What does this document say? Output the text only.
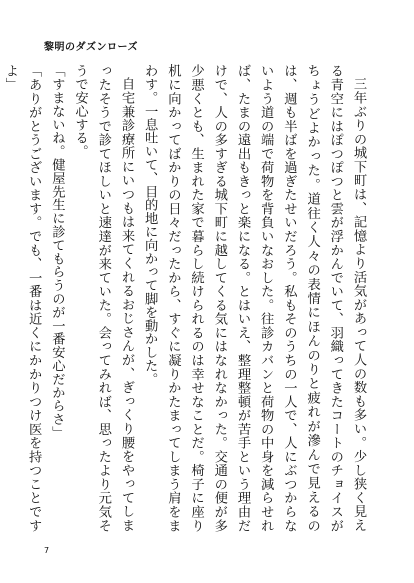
黎明のダズンローズ

三年ぶりの城下町は、記憶より活気があって人の数も多い。少し狭く見える青空にはぽつぽつと雲が浮かんでいて、羽織ってきたコートのチョイスがちょうどよかった。道往く人々の表情にほんのりと疲れが滲んで見えるのは、週も半ばを過ぎたせいだろう。私もそのうちの一人で、人にぶつからないよう道の端で荷物を背負いなおした。往診カバンと荷物の中身を減らせれば、たまの遠出もきっと楽になる。とはいえ、整理整頓が苦手という理由だけで、人の多すぎる城下町に越してくる気にはなれなかった。交通の便が多少悪くとも、生まれた家で暮らし続けられるのは幸せなことだ。椅子に座り机に向かってばかりの日々だったから、すぐに凝りかたまってしまう肩をまわす。一息吐いて、目的地に向かって脚を動かした。

自宅兼診療所にいつもは来てくれるおじさんが、ぎっくり腰をやってしまったそうで診てほしいと速達が来ていた。会ってみれば、思ったより元気そうで安心する。

「すまないね。健屋先生に診てもらうのが一番安心だからさ」

「ありがとうございます。でも、一番は近くにかかりつけ医を持つことですよ」

7
